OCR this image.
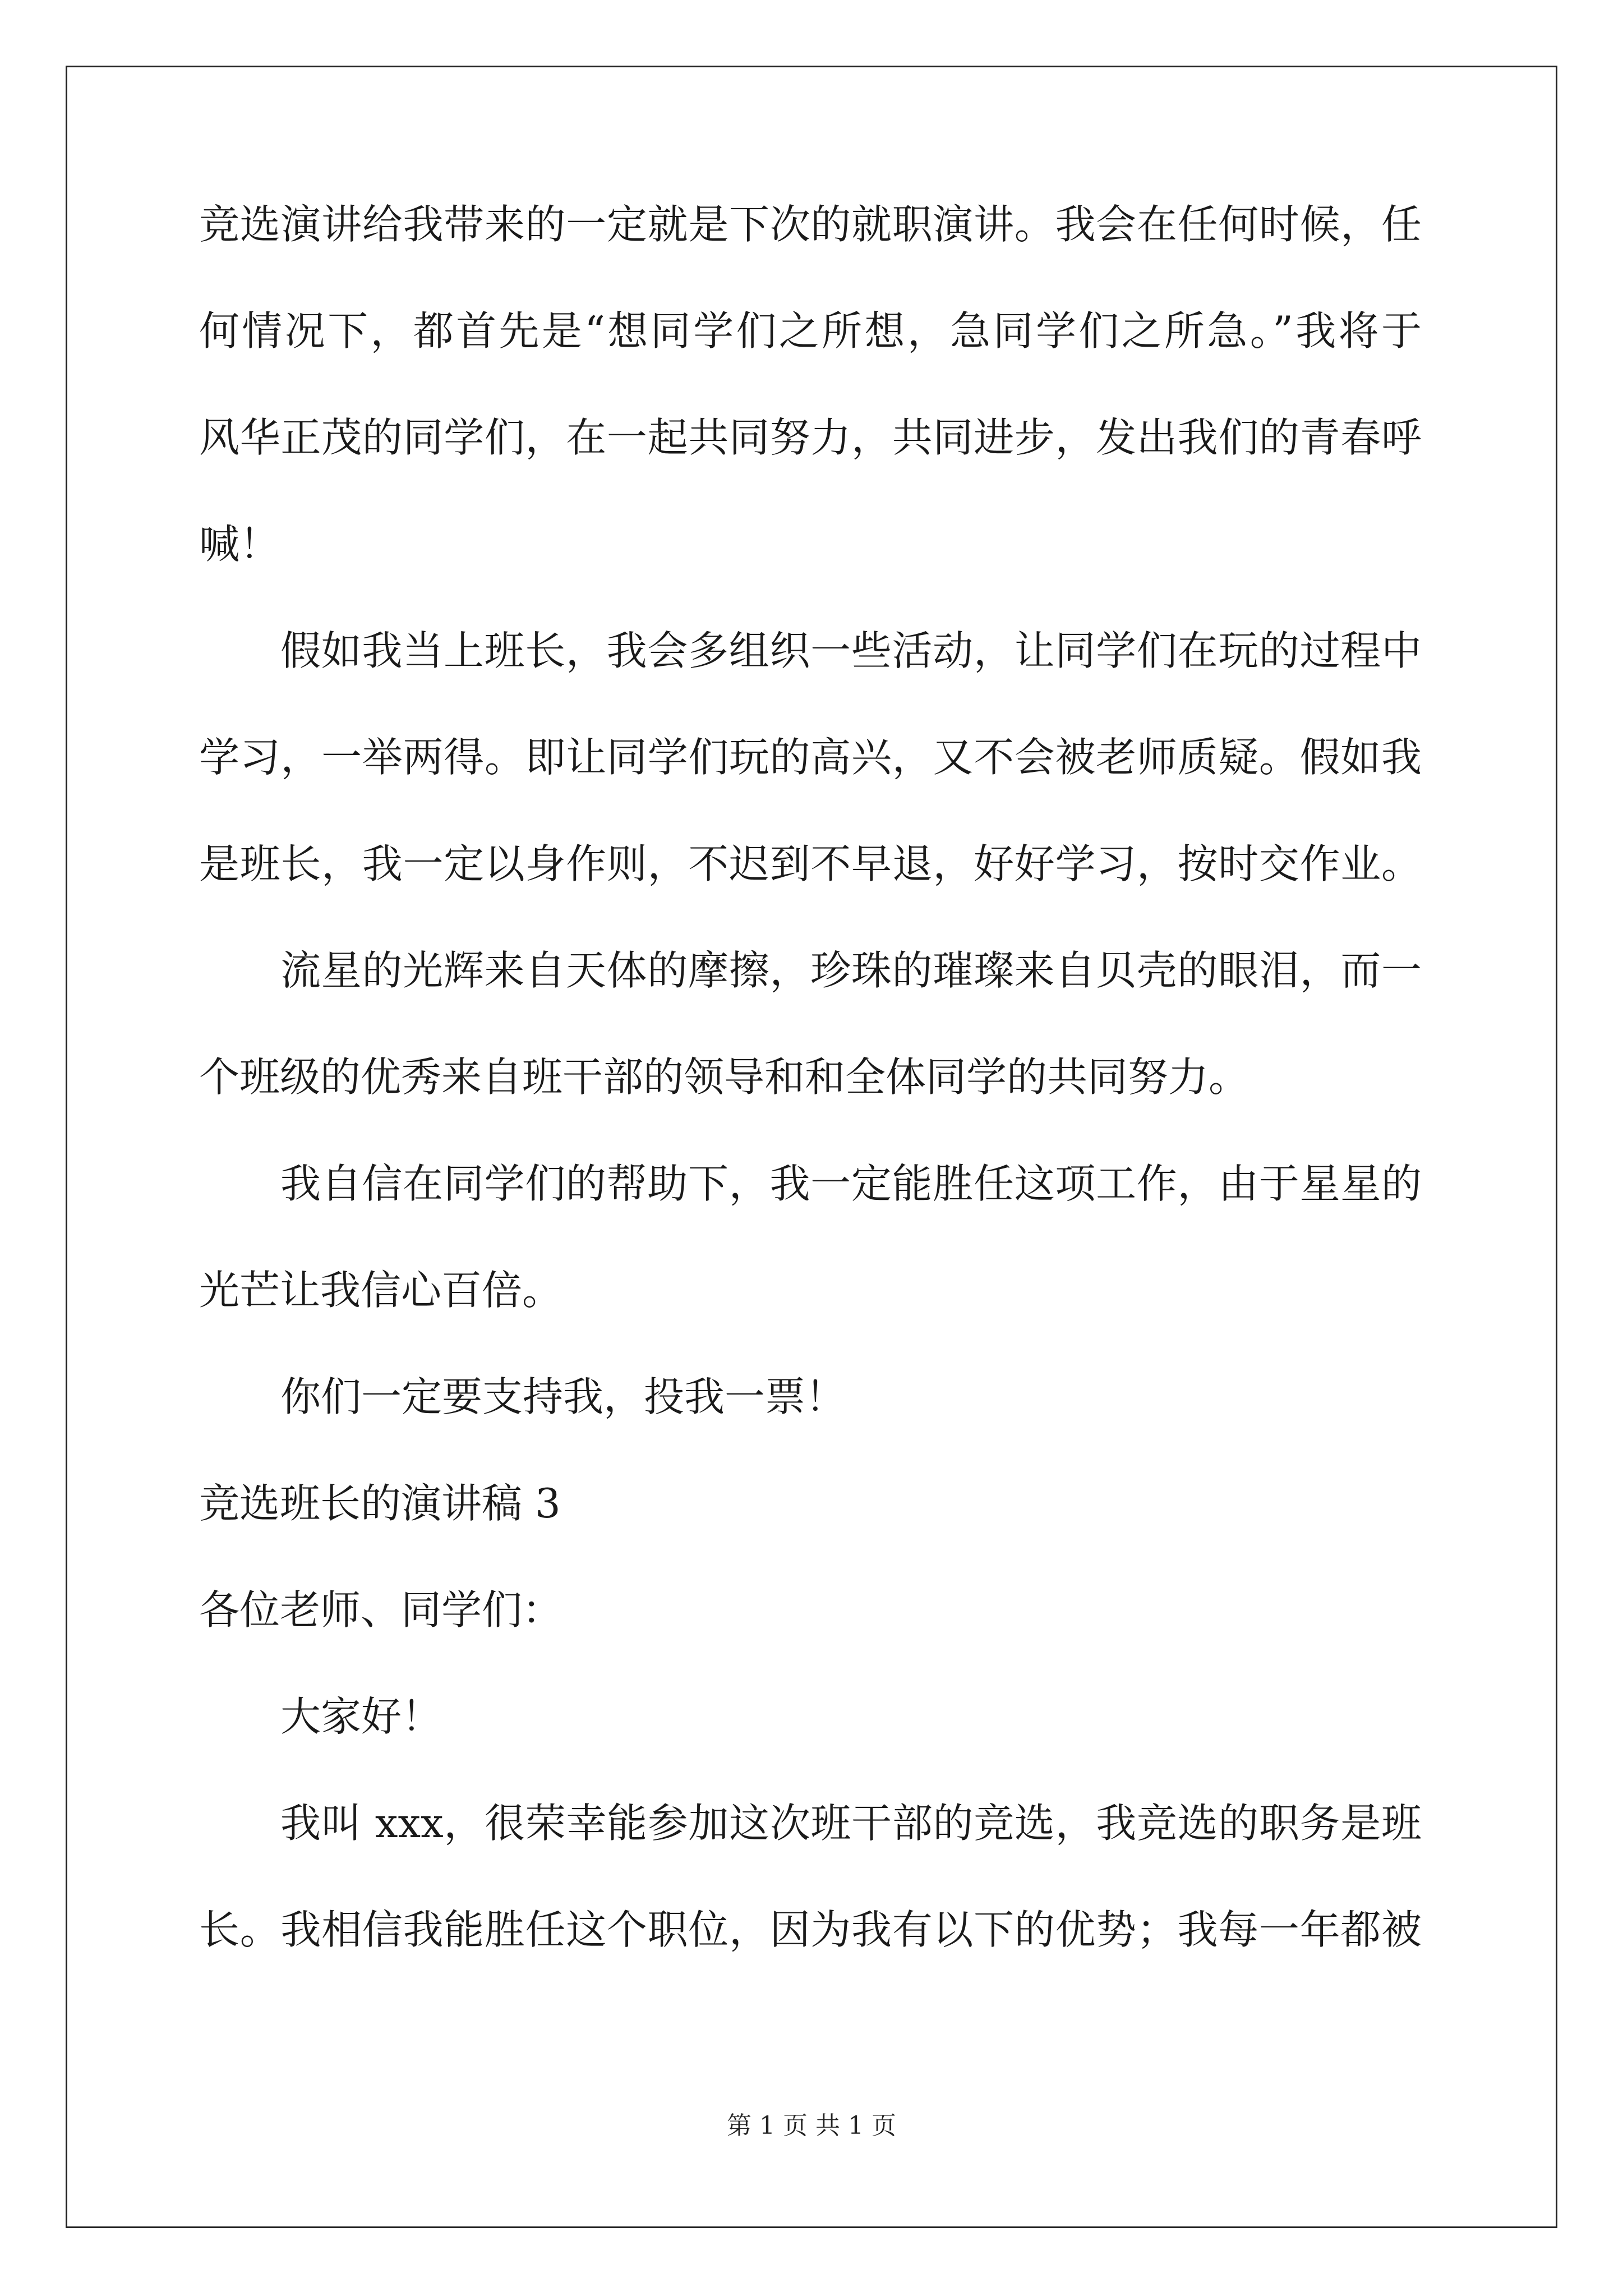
竞选演讲给我带来的一定就是下次的就职演讲。我会在任何时候，任
何情况下，都首先是“想同学们之所想，急同学们之所急。”我将于
风华正茂的同学们，在一起共同努力，共同进步，发出我们的青春呼
喊！
假如我当上班长，我会多组织一些活动，让同学们在玩的过程中
学习，一举两得。即让同学们玩的高兴，又不会被老师质疑。假如我
是班长，我一定以身作则，不迟到不早退，好好学习，按时交作业。
流星的光辉来自天体的摩擦，珍珠的璀璨来自贝壳的眼泪，而一
个班级的优秀来自班干部的领导和和全体同学的共同努力。
我自信在同学们的帮助下，我一定能胜任这项工作，由于星星的
光芒让我信心百倍。
你们一定要支持我，投我一票！
竞选班长的演讲稿 3
各位老师、同学们：
大家好！
我叫 xxx，很荣幸能参加这次班干部的竞选，我竞选的职务是班
长。我相信我能胜任这个职位，因为我有以下的优势；我每一年都被
第 1 页 共 1 页
